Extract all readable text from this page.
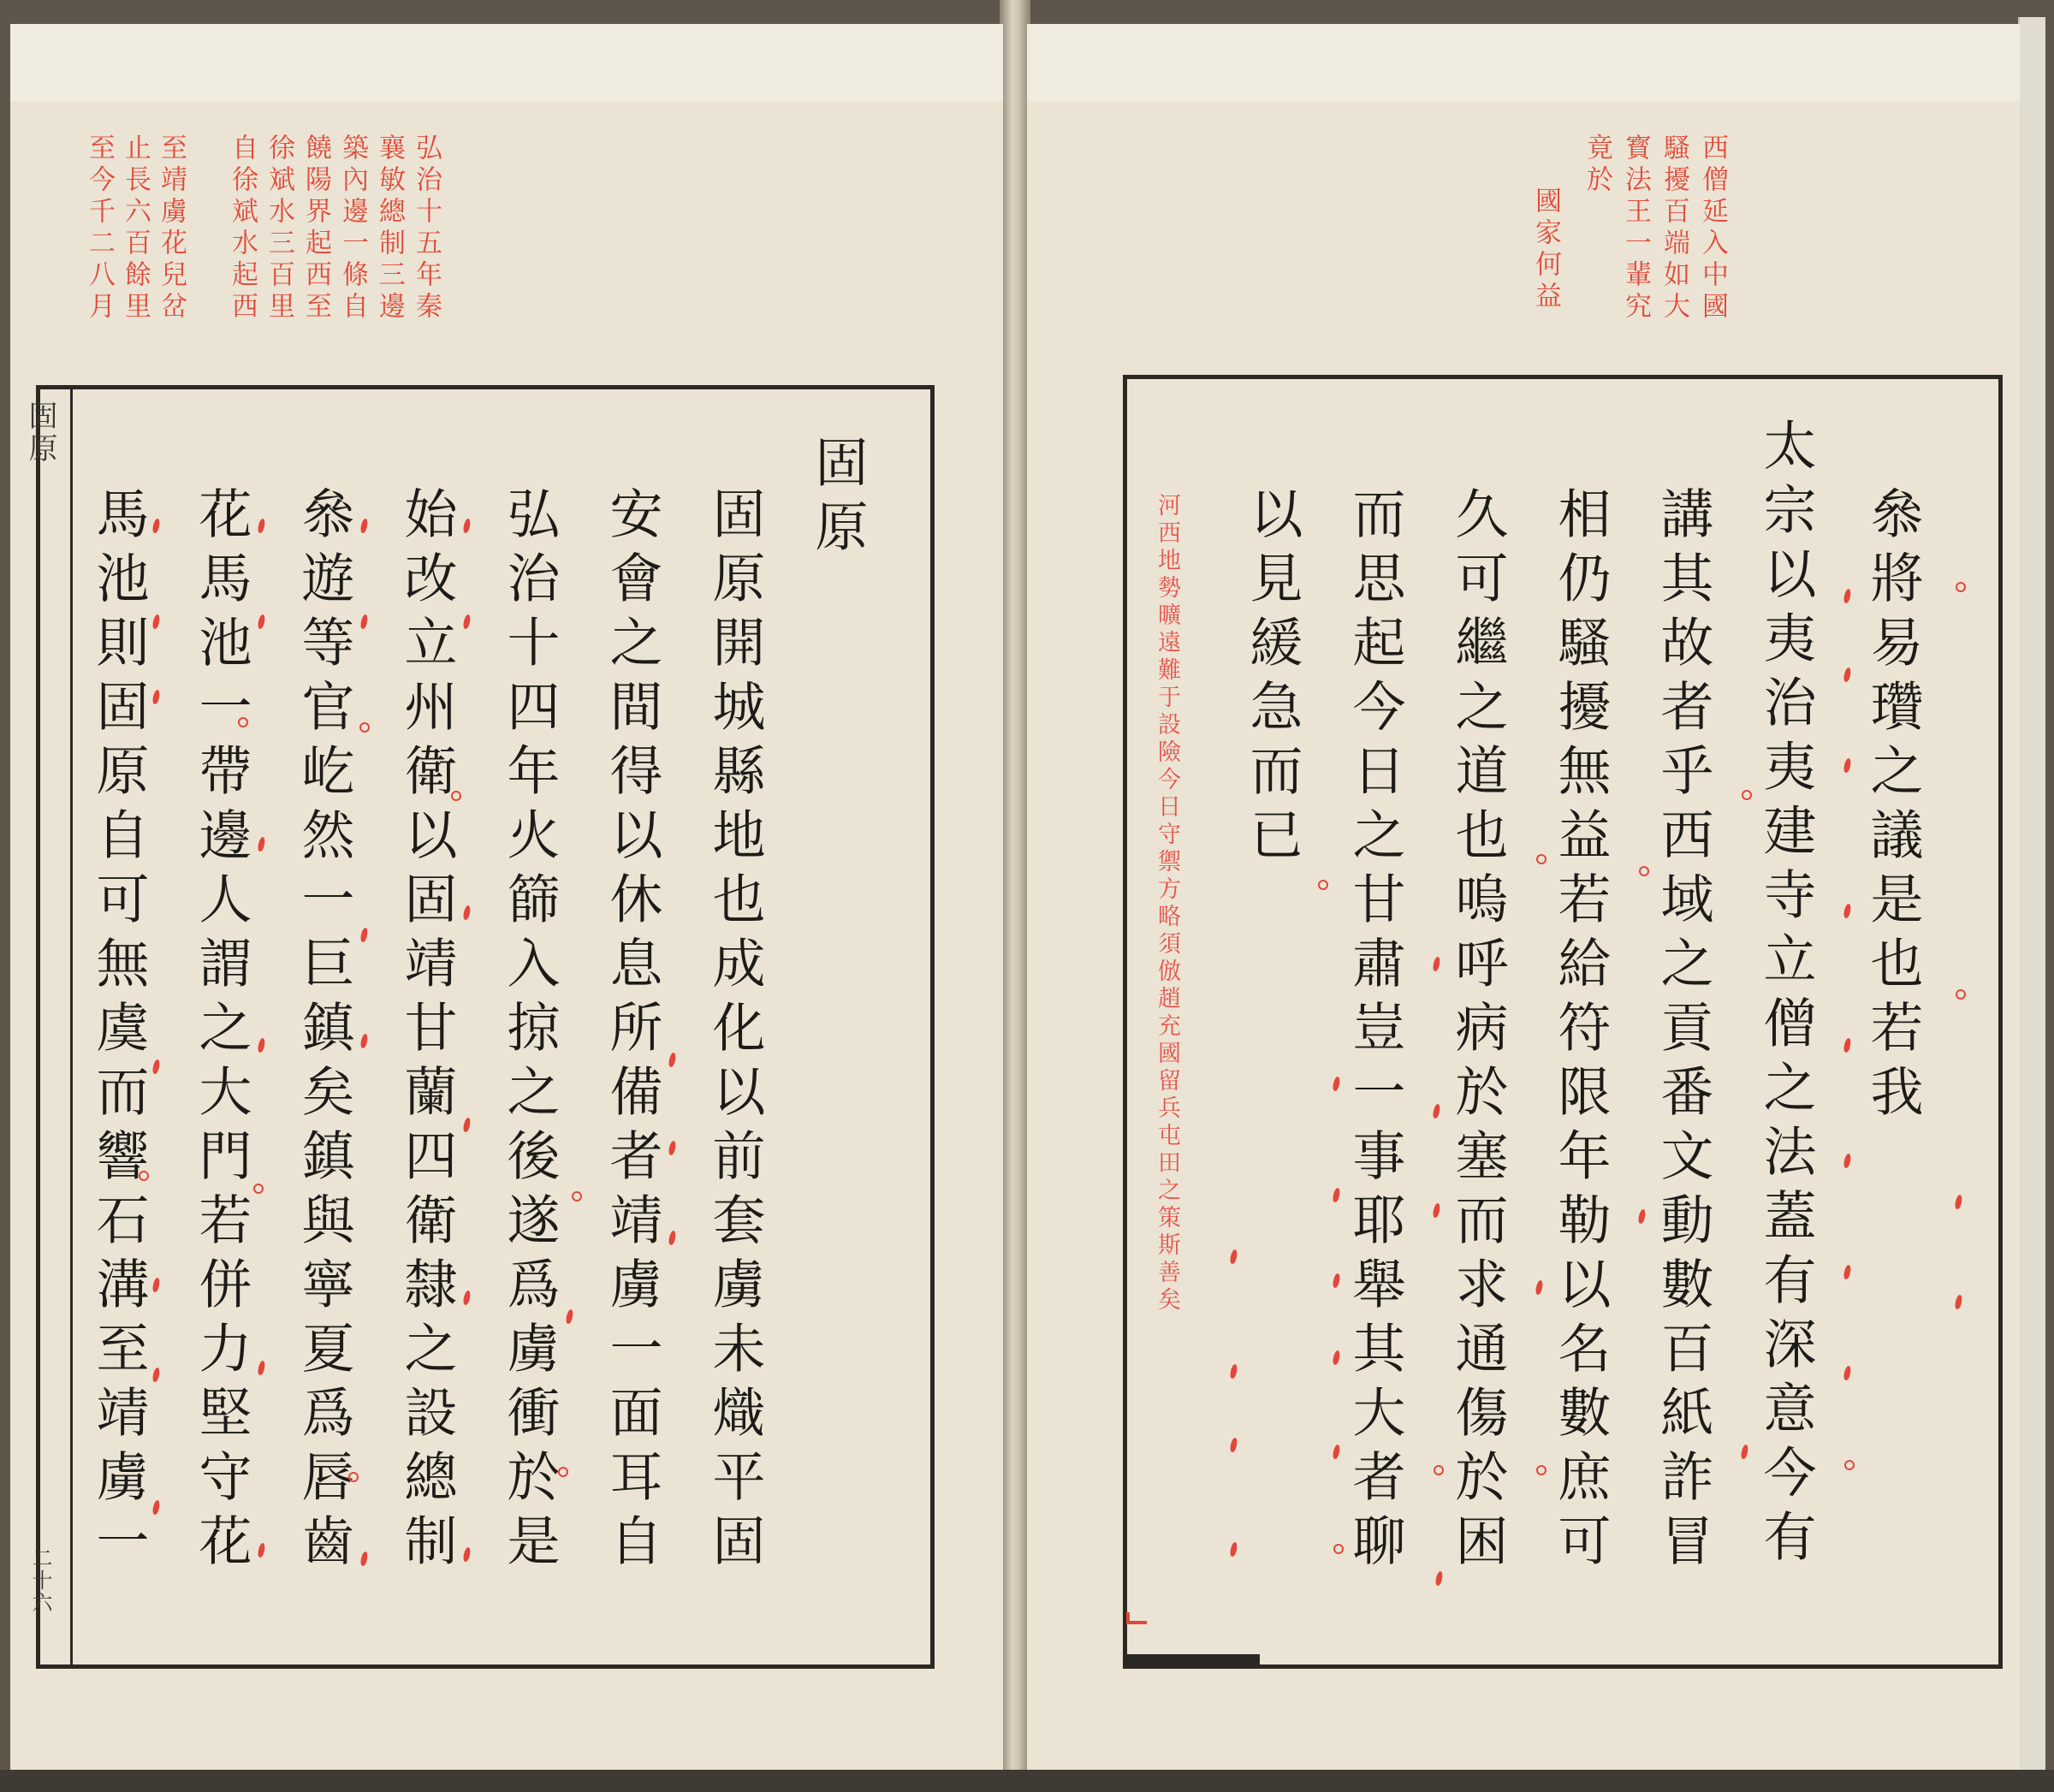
弘治十五年秦
襄敏總制三邊
築內邊一條自
饒陽界起西至
徐斌水三百里
自徐斌水起西
至靖虜花兒岔
止長六百餘里
至今千二八月
固原
二十六
固原
固原開城縣地也成化以前套虜未熾平固
安會之間得以休息所備者靖虜一面耳自
弘治十四年火篩入掠之後遂爲虜衝於是
始改立州衛以固靖甘蘭四衛隸之設總制
叅遊等官屹然一巨鎮矣鎮與寧夏爲唇齒
花馬池一帶邊人謂之大門若併力堅守花
馬池則固原自可無虞而響石溝至靖虜一
西僧延入中國
騷擾百端如大
寳法王一輩究
竟於
國家何益
河西地勢曠遠難于設險今日守禦方略須倣趙充國留兵屯田之策斯善矣	叅將易瓚之議是也若我
太宗以夷治夷建寺立僧之法蓋有深意今有
講其故者乎西域之貢番文動數百紙詐冒
相仍騷擾無益若給符限年勒以名數庶可
久可繼之道也嗚呼病於塞而求通傷於困
而思起今日之甘肅豈一事耶舉其大者聊
以見緩急而已
